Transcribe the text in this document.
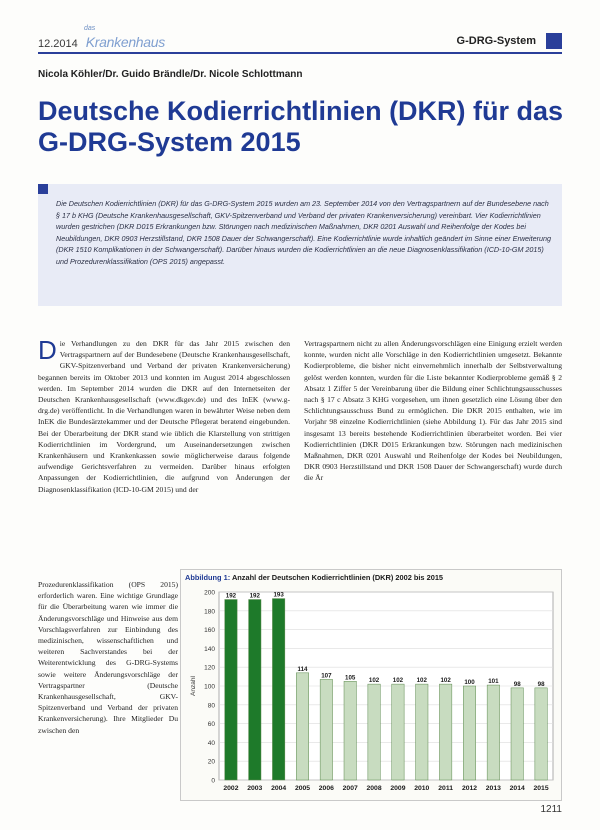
12.2014
das
Krankenhaus	G-DRG-System
Nicola Köhler/Dr. Guido Brändle/Dr. Nicole Schlottmann
Deutsche Kodierrichtlinien (DKR) für das G-DRG-System 2015

Die Deutschen Kodierrichtlinien (DKR) für das G-DRG-System 2015 wurden am 23. September 2014 von den Vertragspartnern auf der Bundesebene nach § 17 b KHG (Deutsche Krankenhausgesellschaft, GKV-Spitzenverband und Verband der privaten Krankenversicherung) vereinbart. Vier Kodierrichtlinien wurden gestrichen (DKR D015 Erkrankungen bzw. Störungen nach medizinischen Maßnahmen, DKR 0201 Auswahl und Reihenfolge der Kodes bei Neubildungen, DKR 0903 Herzstillstand, DKR 1508 Dauer der Schwangerschaft). Eine Kodierrichtlinie wurde inhaltlich geändert im Sinne einer Erweiterung (DKR 1510 Komplikationen in der Schwangerschaft). Darüber hinaus wurden die Kodierrichtlinien an die neue Diagnosenklassifikation (ICD-10-GM 2015) und Prozedurenklassifikation (OPS 2015) angepasst.

Die Verhandlungen zu den DKR für das Jahr 2015 zwischen den Vertragspartnern auf der Bundesebene (Deutsche Krankenhausgesellschaft, GKV-Spitzenverband und Verband der privaten Krankenversicherung) begannen bereits im Oktober 2013 und konnten im August 2014 abgeschlossen werden. Im September 2014 wurden die DKR auf den Internetseiten der Deutschen Krankenhausgesellschaft (www.dkgev.de) und des InEK (www.g-drg.de) veröffentlicht. In die Verhandlungen waren in bewährter Weise neben dem InEK die Bundesärztekammer und der Deutsche Pflegerat beratend eingebunden. Bei der Überarbeitung der DKR stand wie üblich die Klarstellung von strittigen Kodierrichtlinien im Vordergrund, um Auseinandersetzungen zwischen Krankenhäusern und Krankenkassen sowie möglicherweise daraus folgende aufwendige Gerichtsverfahren zu vermeiden. Darüber hinaus erfolgten Anpassungen der Kodierrichtlinien, die aufgrund von Änderungen der Diagnosenklassifikation (ICD-10-GM 2015) und der
Prozedurenklassifikation (OPS 2015) erforderlich waren. Eine wichtige Grundlage für die Überarbeitung waren wie immer die Änderungsvorschläge und Hinweise aus dem Vorschlagsverfahren zur Einbindung des medizinischen, wissenschaftlichen und weiteren Sachverstandes bei der Weiterentwicklung des G-DRG-Systems sowie weitere Änderungsvorschläge der Vertragspartner (Deutsche Krankenhausgesellschaft, GKV-Spitzenverband und Verband der privaten Krankenversicherung). Ihre Mitglieder Du zwischen den
Vertragspartnern nicht zu allen Änderungsvorschlägen eine Einigung erzielt werden konnte, wurden nicht alle Vorschläge in den Kodierrichtlinien umgesetzt. Bekannte Kodierprobleme, die bisher nicht einvernehmlich innerhalb der Selbstverwaltung gelöst werden konnten, wurden für die Liste bekannter Kodierprobleme gemäß § 2 Absatz 1 Ziffer 5 der Vereinbarung über die Bildung einer Schlichtungsausschusses nach § 17 c Absatz 3 KHG vorgesehen, um ihnen gesetzlich eine Lösung über den Schlichtungsausschuss Bund zu ermöglichen. Die DKR 2015 enthalten, wie im Vorjahr 98 einzelne Kodierrichtlinien (siehe Abbildung 1). Für das Jahr 2015 sind insgesamt 13 bereits bestehende Kodierrichtlinien überarbeitet worden. Bei vier Kodierrichtlinien (DKR D015 Erkrankungen bzw. Störungen nach medizinischen Maßnahmen, DKR 0201 Auswahl und Reihenfolge der Kodes bei Neubildungen, DKR 0903 Herzstillstand und DKR 1508 Dauer der Schwangerschaft) wurde durch die Är
Abbildung 1: Anzahl der Deutschen Kodierrichtlinien (DKR) 2002 bis 2015
0
20
40
60
80
100
120
140
160
180
200
Anzahl
192
2002
192
2003
193
2004
114
2005
107
2006
105
2007
102
2008
102
2009
102
2010
102
2011
100
2012
101
2013
98
2014
98
2015
1211
